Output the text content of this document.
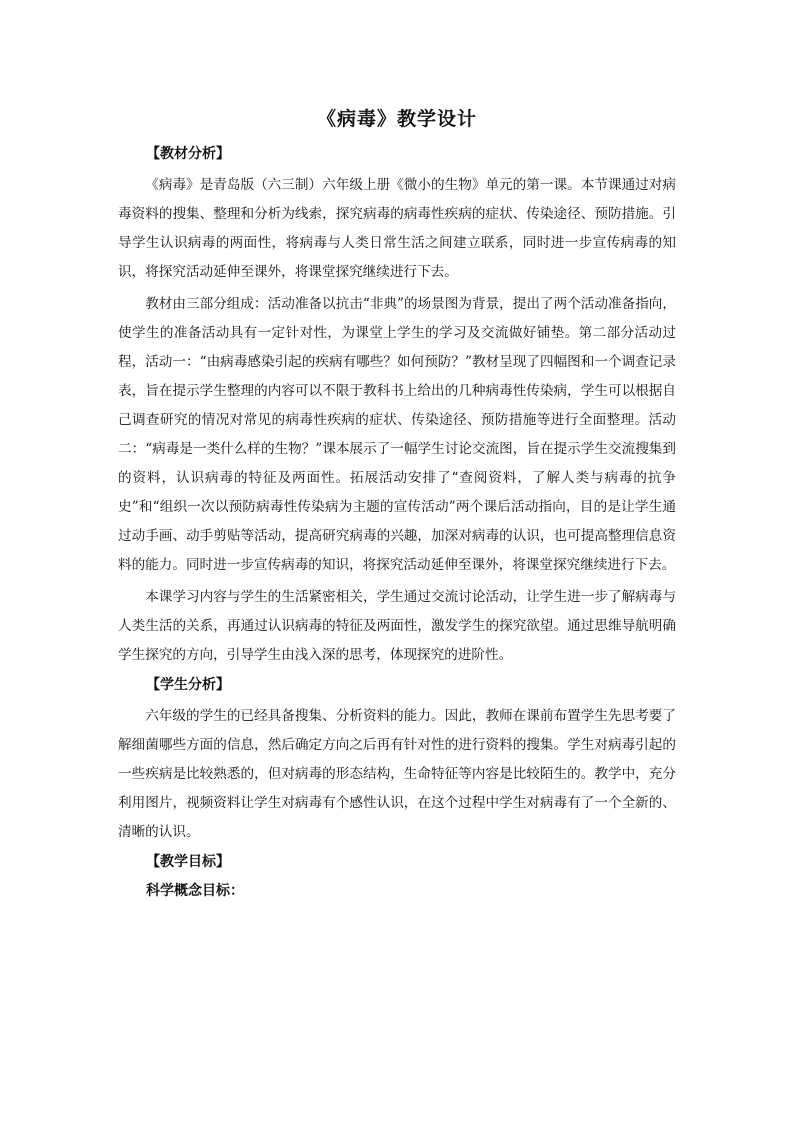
《病毒》教学设计
【教材分析】

《病毒》是青岛版（六三制）六年级上册《微小的生物》单元的第一课。本节课通过对病毒资料的搜集、整理和分析为线索，探究病毒的病毒性疾病的症状、传染途径、预防措施。引导学生认识病毒的两面性，将病毒与人类日常生活之间建立联系，同时进一步宣传病毒的知识，将探究活动延伸至课外，将课堂探究继续进行下去。

教材由三部分组成：活动准备以抗击“非典”的场景图为背景，提出了两个活动准备指向，使学生的准备活动具有一定针对性，为课堂上学生的学习及交流做好铺垫。第二部分活动过程，活动一：“由病毒感染引起的疾病有哪些？如何预防？”教材呈现了四幅图和一个调查记录表，旨在提示学生整理的内容可以不限于教科书上给出的几种病毒性传染病，学生可以根据自己调查研究的情况对常见的病毒性疾病的症状、传染途径、预防措施等进行全面整理。活动二：“病毒是一类什么样的生物？”课本展示了一幅学生讨论交流图，旨在提示学生交流搜集到的资料，认识病毒的特征及两面性。拓展活动安排了“查阅资料，了解人类与病毒的抗争史”和“组织一次以预防病毒性传染病为主题的宣传活动”两个课后活动指向，目的是让学生通过动手画、动手剪贴等活动，提高研究病毒的兴趣，加深对病毒的认识，也可提高整理信息资料的能力。同时进一步宣传病毒的知识，将探究活动延伸至课外，将课堂探究继续进行下去。

本课学习内容与学生的生活紧密相关，学生通过交流讨论活动，让学生进一步了解病毒与人类生活的关系，再通过认识病毒的特征及两面性，激发学生的探究欲望。通过思维导航明确学生探究的方向，引导学生由浅入深的思考，体现探究的进阶性。

【学生分析】

六年级的学生的已经具备搜集、分析资料的能力。因此，教师在课前布置学生先思考要了解细菌哪些方面的信息，然后确定方向之后再有针对性的进行资料的搜集。学生对病毒引起的一些疾病是比较熟悉的，但对病毒的形态结构，生命特征等内容是比较陌生的。教学中，充分利用图片，视频资料让学生对病毒有个感性认识，在这个过程中学生对病毒有了一个全新的、清晰的认识。

【教学目标】
科学概念目标：
